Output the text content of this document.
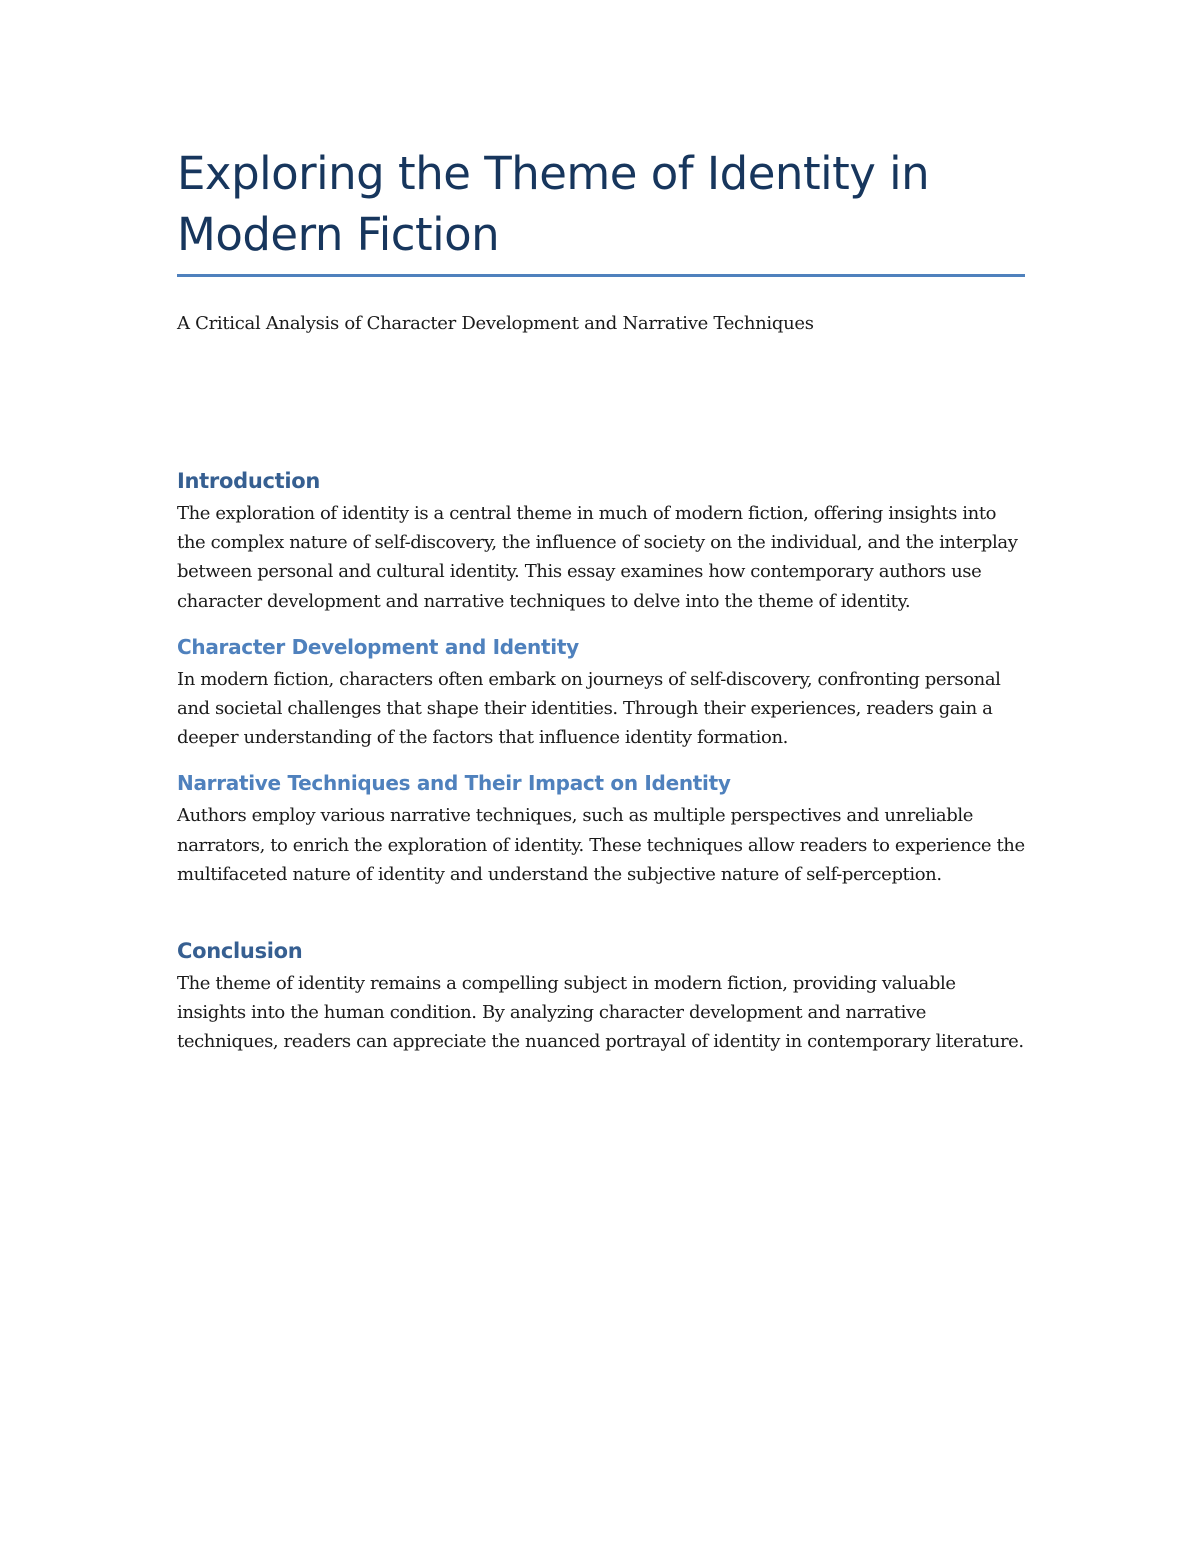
Exploring the Theme of Identity in Modern Fiction

A Critical Analysis of Character Development and Narrative Techniques

Introduction

The exploration of identity is a central theme in much of modern fiction, offering insights into the complex nature of self-discovery, the influence of society on the individual, and the interplay between personal and cultural identity. This essay examines how contemporary authors use character development and narrative techniques to delve into the theme of identity.

Character Development and Identity

In modern fiction, characters often embark on journeys of self-discovery, confronting personal and societal challenges that shape their identities. Through their experiences, readers gain a deeper understanding of the factors that influence identity formation.

Narrative Techniques and Their Impact on Identity

Authors employ various narrative techniques, such as multiple perspectives and unreliable narrators, to enrich the exploration of identity. These techniques allow readers to experience the multifaceted nature of identity and understand the subjective nature of self-perception.

Conclusion

The theme of identity remains a compelling subject in modern fiction, providing valuable insights into the human condition. By analyzing character development and narrative techniques, readers can appreciate the nuanced portrayal of identity in contemporary literature.
